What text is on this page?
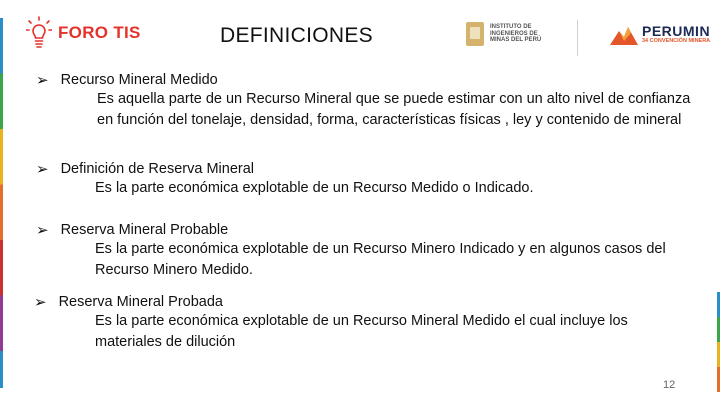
FORO TIS	DEFINICIONES	INSTITUTO DE INGENIEROS DE MINAS DEL PERÚ
PERUMIN
34 CONVENCIÓN MINERA
➢ Recurso Mineral Medido
Es aquella parte de un Recurso Mineral que se puede estimar con un alto nivel de confianza en función del tonelaje, densidad, forma, características físicas , ley y contenido de mineral
➢ Definición de Reserva Mineral
Es la parte económica explotable de un Recurso Medido o Indicado.
➢ Reserva Mineral Probable
Es la parte económica explotable de un Recurso Minero Indicado y en algunos casos del Recurso Minero Medido.
➢ Reserva Mineral Probada
Es la parte económica explotable de un Recurso Mineral Medido el cual incluye los materiales de dilución
12
